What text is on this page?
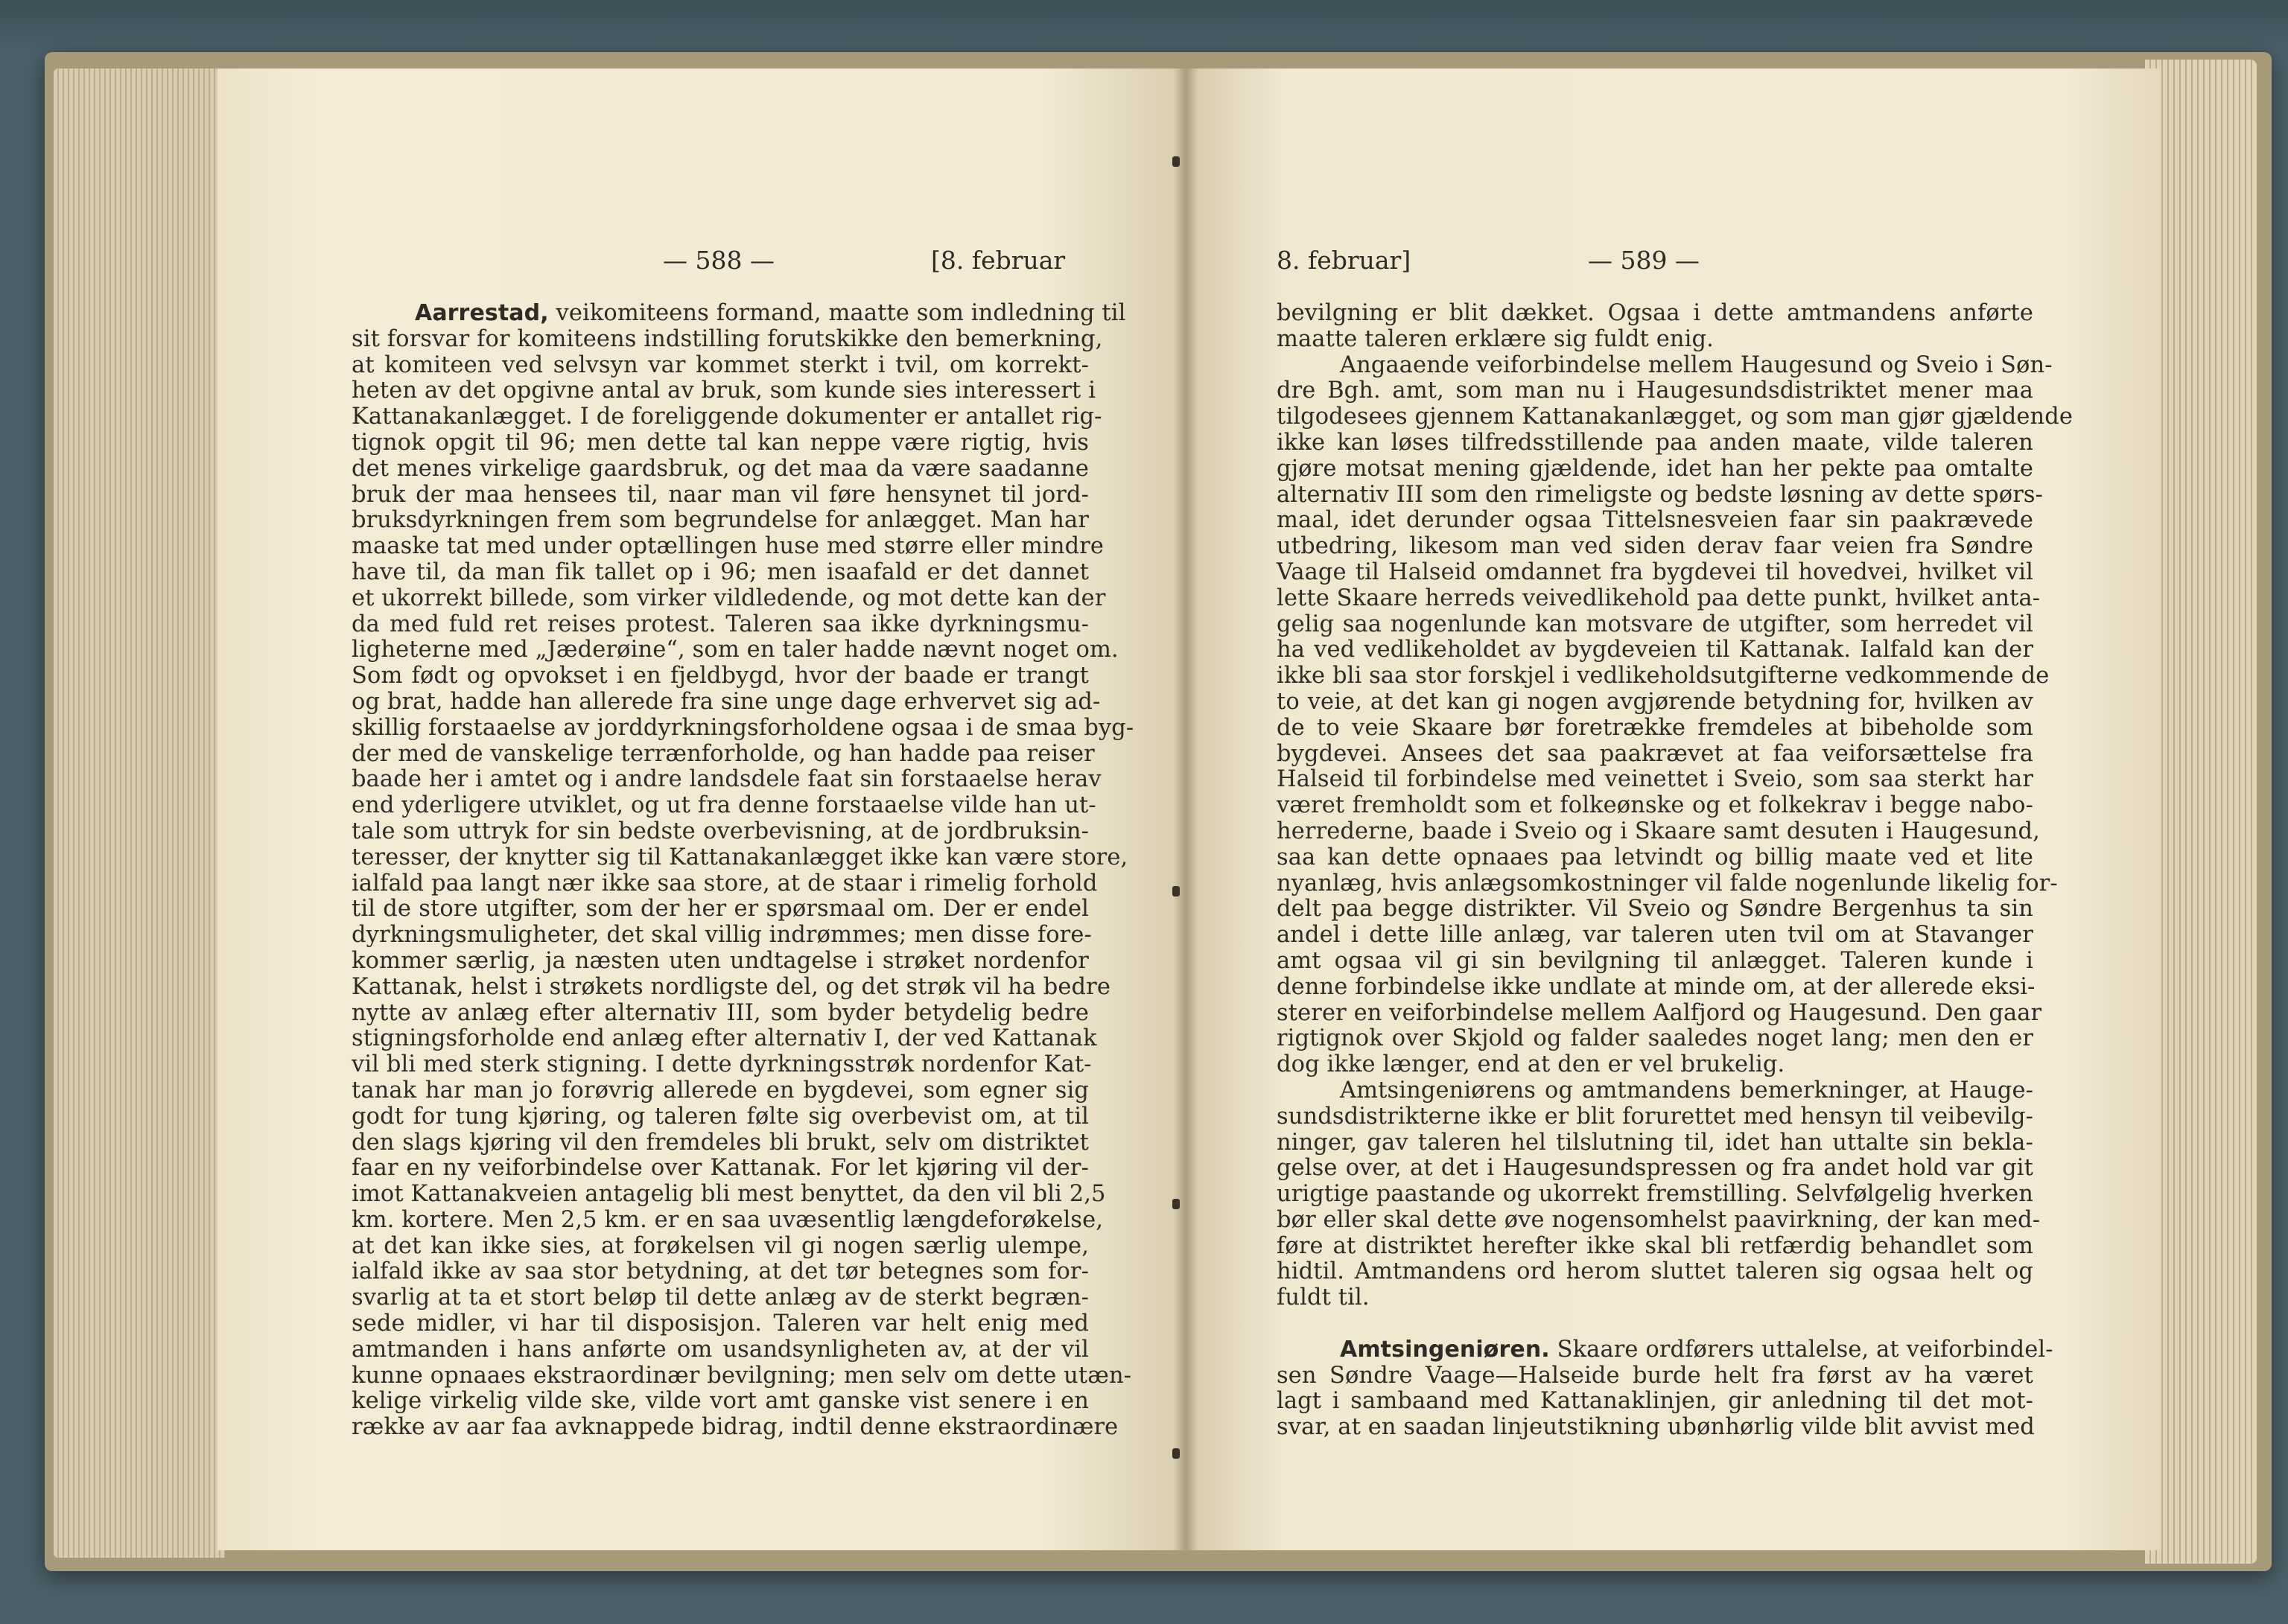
— 588 —	[8. februar
Aarrestad, veikomiteens formand, maatte som indledning til
sit forsvar for komiteens indstilling forutskikke den bemerkning,
at komiteen ved selvsyn var kommet sterkt i tvil, om korrekt-
heten av det opgivne antal av bruk, som kunde sies interessert i
Kattanakanlægget. I de foreliggende dokumenter er antallet rig-
tignok opgit til 96; men dette tal kan neppe være rigtig, hvis
det menes virkelige gaardsbruk, og det maa da være saadanne
bruk der maa hensees til, naar man vil føre hensynet til jord-
bruksdyrkningen frem som begrundelse for anlægget. Man har
maaske tat med under optællingen huse med større eller mindre
have til, da man fik tallet op i 96; men isaafald er det dannet
et ukorrekt billede, som virker vildledende, og mot dette kan der
da med fuld ret reises protest. Taleren saa ikke dyrkningsmu-
ligheterne med „Jæderøine“, som en taler hadde nævnt noget om.
Som født og opvokset i en fjeldbygd, hvor der baade er trangt
og brat, hadde han allerede fra sine unge dage erhvervet sig ad-
skillig forstaaelse av jorddyrkningsforholdene ogsaa i de smaa byg-
der med de vanskelige terrænforholde, og han hadde paa reiser
baade her i amtet og i andre landsdele faat sin forstaaelse herav
end yderligere utviklet, og ut fra denne forstaaelse vilde han ut-
tale som uttryk for sin bedste overbevisning, at de jordbruksin-
teresser, der knytter sig til Kattanakanlægget ikke kan være store,
ialfald paa langt nær ikke saa store, at de staar i rimelig forhold
til de store utgifter, som der her er spørsmaal om. Der er endel
dyrkningsmuligheter, det skal villig indrømmes; men disse fore-
kommer særlig, ja næsten uten undtagelse i strøket nordenfor
Kattanak, helst i strøkets nordligste del, og det strøk vil ha bedre
nytte av anlæg efter alternativ III, som byder betydelig bedre
stigningsforholde end anlæg efter alternativ I, der ved Kattanak
vil bli med sterk stigning. I dette dyrkningsstrøk nordenfor Kat-
tanak har man jo forøvrig allerede en bygdevei, som egner sig
godt for tung kjøring, og taleren følte sig overbevist om, at til
den slags kjøring vil den fremdeles bli brukt, selv om distriktet
faar en ny veiforbindelse over Kattanak. For let kjøring vil der-
imot Kattanakveien antagelig bli mest benyttet, da den vil bli 2,5
km. kortere. Men 2,5 km. er en saa uvæsentlig længdeforøkelse,
at det kan ikke sies, at forøkelsen vil gi nogen særlig ulempe,
ialfald ikke av saa stor betydning, at det tør betegnes som for-
svarlig at ta et stort beløp til dette anlæg av de sterkt begræn-
sede midler, vi har til disposisjon. Taleren var helt enig med
amtmanden i hans anførte om usandsynligheten av, at der vil
kunne opnaaes ekstraordinær bevilgning; men selv om dette utæn-
kelige virkelig vilde ske, vilde vort amt ganske vist senere i en
række av aar faa avknappede bidrag, indtil denne ekstraordinære
8. februar]	— 589 —
bevilgning er blit dækket. Ogsaa i dette amtmandens anførte
maatte taleren erklære sig fuldt enig.
Angaaende veiforbindelse mellem Haugesund og Sveio i Søn-
dre Bgh. amt, som man nu i Haugesundsdistriktet mener maa
tilgodesees gjennem Kattanakanlægget, og som man gjør gjældende
ikke kan løses tilfredsstillende paa anden maate, vilde taleren
gjøre motsat mening gjældende, idet han her pekte paa omtalte
alternativ III som den rimeligste og bedste løsning av dette spørs-
maal, idet derunder ogsaa Tittelsnesveien faar sin paakrævede
utbedring, likesom man ved siden derav faar veien fra Søndre
Vaage til Halseid omdannet fra bygdevei til hovedvei, hvilket vil
lette Skaare herreds veivedlikehold paa dette punkt, hvilket anta-
gelig saa nogenlunde kan motsvare de utgifter, som herredet vil
ha ved vedlikeholdet av bygdeveien til Kattanak. Ialfald kan der
ikke bli saa stor forskjel i vedlikeholdsutgifterne vedkommende de
to veie, at det kan gi nogen avgjørende betydning for, hvilken av
de to veie Skaare bør foretrække fremdeles at bibeholde som
bygdevei. Ansees det saa paakrævet at faa veiforsættelse fra
Halseid til forbindelse med veinettet i Sveio, som saa sterkt har
været fremholdt som et folkeønske og et folkekrav i begge nabo-
herrederne, baade i Sveio og i Skaare samt desuten i Haugesund,
saa kan dette opnaaes paa letvindt og billig maate ved et lite
nyanlæg, hvis anlægsomkostninger vil falde nogenlunde likelig for-
delt paa begge distrikter. Vil Sveio og Søndre Bergenhus ta sin
andel i dette lille anlæg, var taleren uten tvil om at Stavanger
amt ogsaa vil gi sin bevilgning til anlægget. Taleren kunde i
denne forbindelse ikke undlate at minde om, at der allerede eksi-
sterer en veiforbindelse mellem Aalfjord og Haugesund. Den gaar
rigtignok over Skjold og falder saaledes noget lang; men den er
dog ikke længer, end at den er vel brukelig.
Amtsingeniørens og amtmandens bemerkninger, at Hauge-
sundsdistrikterne ikke er blit forurettet med hensyn til veibevilg-
ninger, gav taleren hel tilslutning til, idet han uttalte sin bekla-
gelse over, at det i Haugesundspressen og fra andet hold var git
urigtige paastande og ukorrekt fremstilling. Selvfølgelig hverken
bør eller skal dette øve nogensomhelst paavirkning, der kan med-
føre at distriktet herefter ikke skal bli retfærdig behandlet som
hidtil. Amtmandens ord herom sluttet taleren sig ogsaa helt og
fuldt til.
Amtsingeniøren. Skaare ordførers uttalelse, at veiforbindel-
sen Søndre Vaage—Halseide burde helt fra først av ha været
lagt i sambaand med Kattanaklinjen, gir anledning til det mot-
svar, at en saadan linjeutstikning ubønhørlig vilde blit avvist med
